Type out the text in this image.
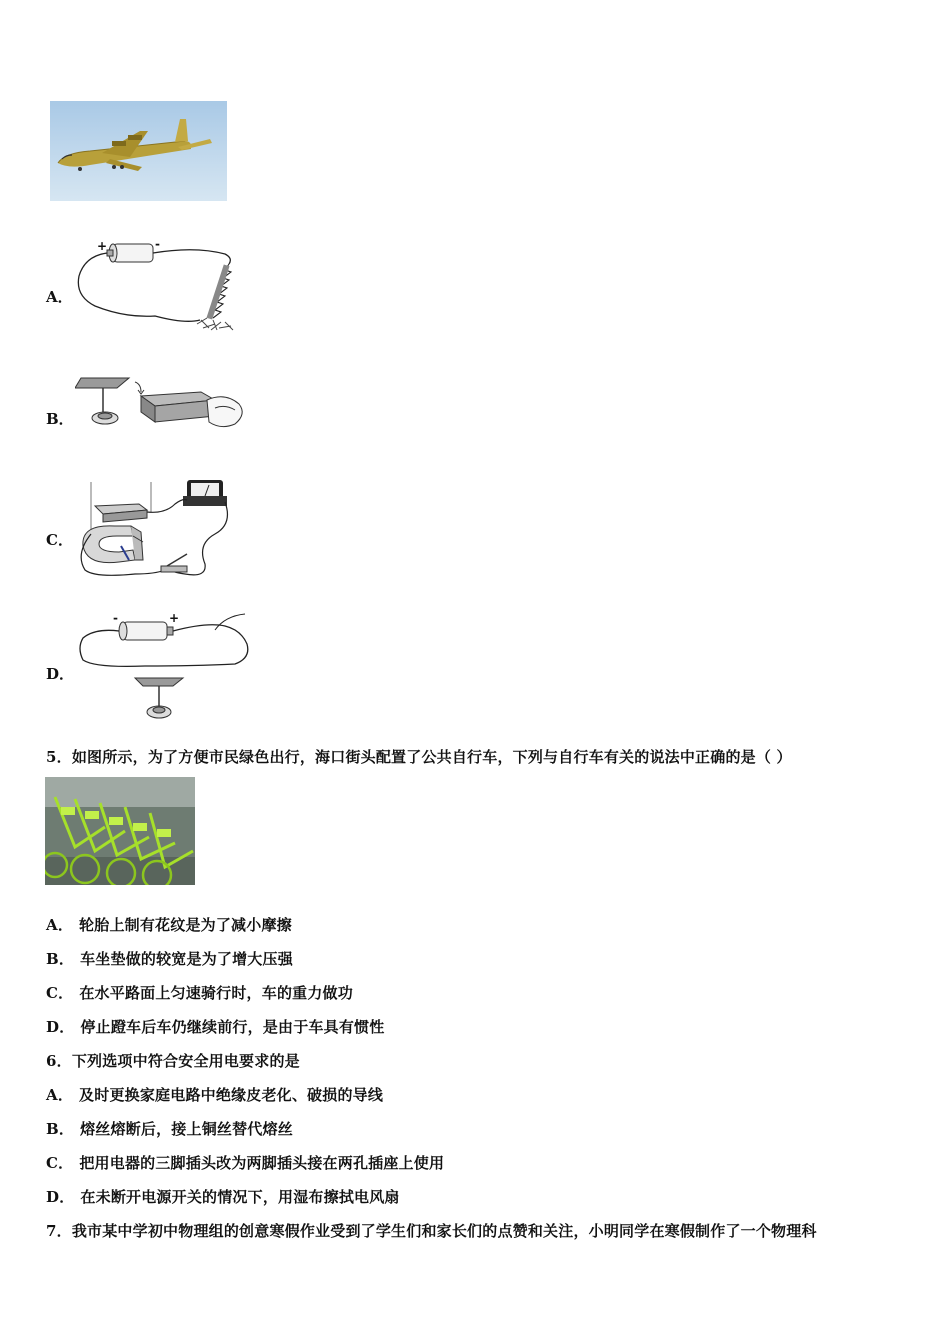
A．
+	-
B．
C．
D．
-	+
5．如图所示，为了方便市民绿色出行，海口街头配置了公共自行车，下列与自行车有关的说法中正确的是（ ）
A． 轮胎上制有花纹是为了减小摩擦
B． 车坐垫做的较宽是为了增大压强
C． 在水平路面上匀速骑行时，车的重力做功
D． 停止蹬车后车仍继续前行，是由于车具有惯性
6．下列选项中符合安全用电要求的是
A． 及时更换家庭电路中绝缘皮老化、破损的导线
B． 熔丝熔断后，接上铜丝替代熔丝
C． 把用电器的三脚插头改为两脚插头接在两孔插座上使用
D． 在未断开电源开关的情况下，用湿布擦拭电风扇
7．我市某中学初中物理组的创意寒假作业受到了学生们和家长们的点赞和关注，小明同学在寒假制作了一个物理科
